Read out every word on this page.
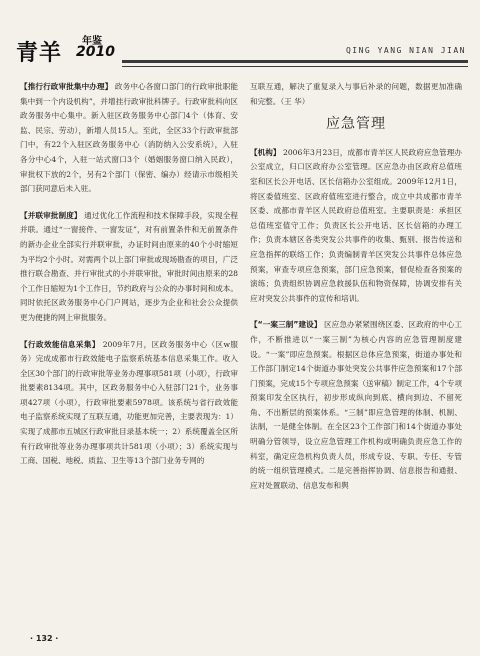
青羊 年鉴
2010	QING YANG NIAN JIAN

【推行行政审批集中办理】 政务中心各窗口部门的行政审批职能集中到一个内设机构”，并增挂行政审批科牌子。行政审批科向区政务服务中心集中。新入驻区政务服务中心部门4个（体育、安监、民宗、劳动），新增人员15人。至此，全区33个行政审批部门中，有22个入驻区政务服务中心（消防纳入公安系统），入驻各分中心4个，入驻一站式窗口3个（婚姻服务窗口纳入民政），审批权下放的2个，另有2个部门（保密、编办）经请示市级相关部门获同意后未入驻。

【并联审批制度】 通过优化工作流程和技术保障手段，实现全程并联。通过“一窗接件、一窗发证”，对有前置条件和无前置条件的新办企业全部实行并联审批，办证时间由原来的40个小时缩短为平均2个小时。对需两个以上部门审批或现场勘查的项目，广泛推行联合勘查、并行审批式的小并联审批，审批时间由原来的28个工作日缩短为1个工作日，节约政府与公众的办事时间和成本。同时依托区政务服务中心门户网站，逐步为企业和社会公众提供更为便捷的网上审批服务。

【行政效能信息采集】 2009年7月，区政务服务中心（区w服务）完成成都市行政效能电子监察系统基本信息采集工作。收入全区30个部门的行政审批等业务办理事项581项（小项），行政审批要素8134项。其中，区政务服务中心入驻部门21个，业务事项427项（小项），行政审批要素5978项。该系统与省行政效能电子监察系统实现了互联互通，功能更加完善，主要表现为：1）实现了成都市五城区行政审批目录基本统一；2）系统覆盖全区所有行政审批等业务办理事项共计581项（小项）；3）系统实现与工商、国税、地税、质监、卫生等13个部门业务专网的

互联互通，解决了重复录入与事后补录的问题，数据更加准确和完整。（王 华）

应急管理

【机构】 2006年3月23日，成都市青羊区人民政府应急管理办公室成立，归口区政府办公室管理。区应急办由区政府总值班室和区长公开电话、区长信箱办公室组成。2009年12月1日，将区委值班室、区政府值班室进行整合，成立中共成都市青羊区委、成都市青羊区人民政府总值班室。主要职责是：承担区总值班室值守工作；负责区长公开电话、区长信箱的办理工作；负责本辖区各类突发公共事件的收集、甄别、报告传送和应急指挥的联络工作；负责编制青羊区突发公共事件总体应急预案，审查专项应急预案，部门应急预案，督促检查各预案的演练；负责组织协调应急救援队伍和物资保障，协调安排有关应对突发公共事件的宣传和培训。

【“一案三制”建设】 区应急办紧紧围绕区委、区政府的中心工作，不断推进以“一案三制”为核心内容的应急管理制度建设。“一案”即应急预案。根据区总体应急预案，街道办事处和工作部门制定14个街道办事处突发公共事件应急预案和17个部门预案，完成15个专项应急预案（送审稿）制定工作，4个专项预案印发全区执行，初步形成纵向到底、横向到边、不留死角、不出断层的预案体系。“三制”即应急管理的体制、机制、法制，一是健全体制。在全区23个工作部门和14个街道办事处明确分管领导，设立应急管理工作机构或明确负责应急工作的科室，确定应急机构负责人员，形成专设、专职、专任、专管的统一组织管理模式。二是完善指挥协调、信息报告和通报、应对处置联动、信息发布和舆

· 132 ·
